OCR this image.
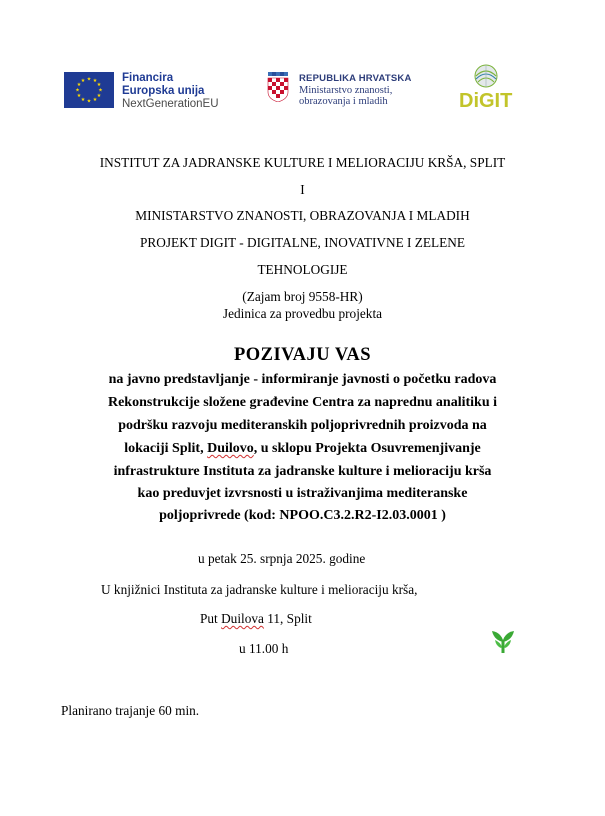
★ ★
★
★
★
★
★
★
★
★
★
★	Financira
Europska unija
NextGenerationEU
REPUBLIKA HRVATSKA
Ministarstvo znanosti,
obrazovanja i mladih	DiGIT
INSTITUT ZA JADRANSKE KULTURE I MELIORACIJU KRŠA, SPLIT
I
MINISTARSTVO ZNANOSTI, OBRAZOVANJA I MLADIH
PROJEKT DIGIT - DIGITALNE, INOVATIVNE I ZELENE
TEHNOLOGIJE
(Zajam broj 9558-HR)
Jedinica za provedbu projekta
POZIVAJU VAS
na javno predstavljanje - informiranje javnosti o početku radova
Rekonstrukcije složene građevine Centra za naprednu analitiku i
podršku razvoju mediteranskih poljoprivrednih proizvoda na
lokaciji Split, Duilovo, u sklopu Projekta Osuvremenjivanje
infrastrukture Instituta za jadranske kulture i melioraciju krša
kao preduvjet izvrsnosti u istraživanjima mediteranske
poljoprivrede (kod: NPOO.C3.2.R2-I2.03.0001 )
u petak 25. srpnja 2025. godine
U knjižnici Instituta za jadranske kulture i melioraciju krša,
Put Duilova 11, Split
u 11.00 h
Planirano trajanje 60 min.
